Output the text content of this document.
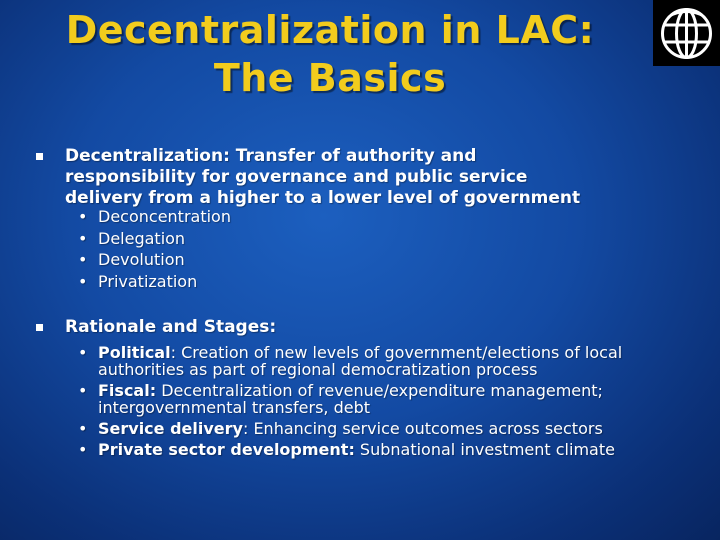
Decentralization in LAC:
The Basics
Decentralization: Transfer of authority and
responsibility for governance and public service
delivery from a higher to a lower level of government
• Deconcentration
• Delegation
• Devolution
• Privatization
Rationale and Stages:
• Political: Creation of new levels of government/elections of local
authorities as part of regional democratization process
• Fiscal: Decentralization of revenue/expenditure management;
intergovernmental transfers, debt
• Service delivery: Enhancing service outcomes across sectors
• Private sector development: Subnational investment climate
